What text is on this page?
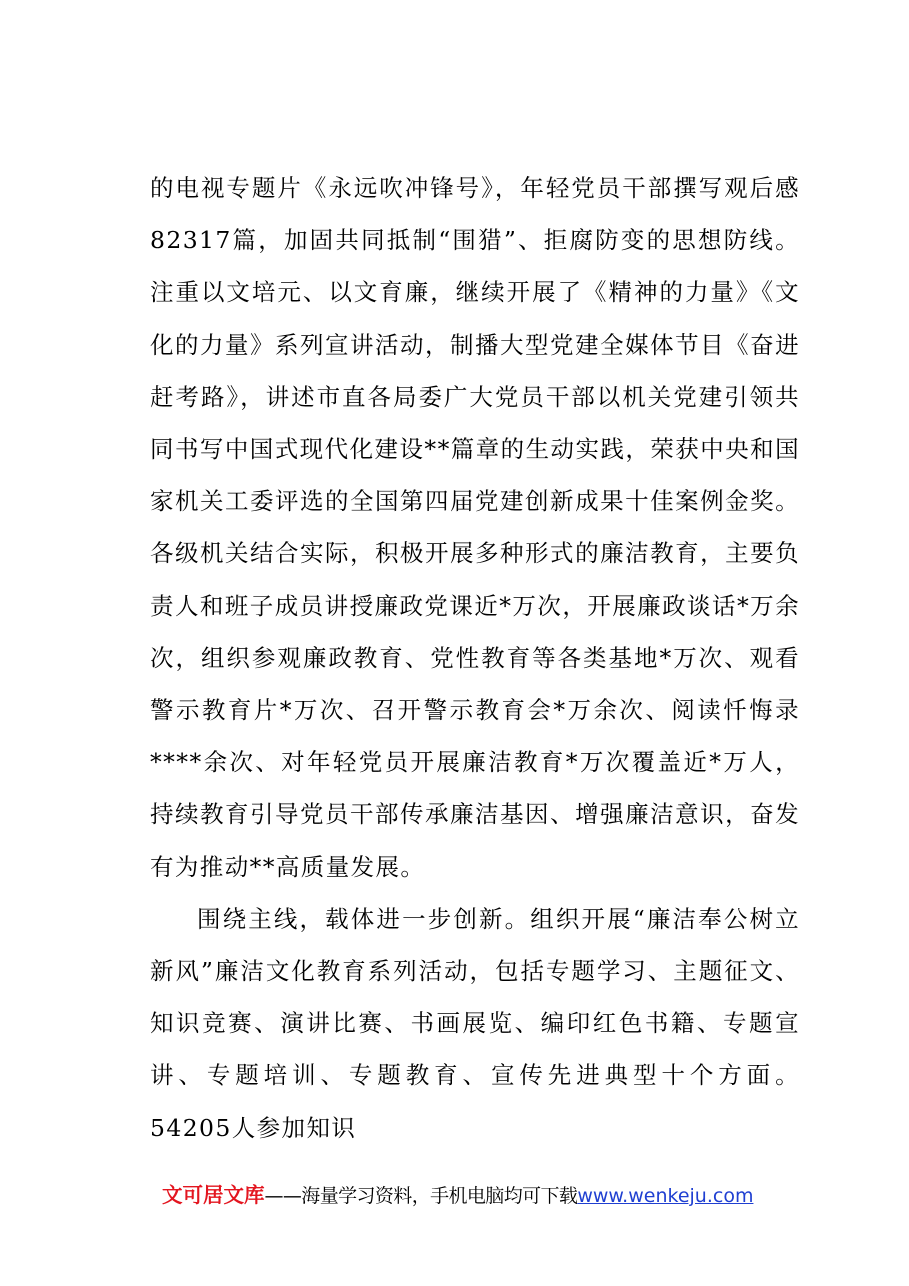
的电视专题片《永远吹冲锋号》，年轻党员干部撰写观后感82317篇，加固共同抵制“围猎”、拒腐防变的思想防线。注重以文培元、以文育廉，继续开展了《精神的力量》《文化的力量》系列宣讲活动，制播大型党建全媒体节目《奋进赶考路》，讲述市直各局委广大党员干部以机关党建引领共同书写中国式现代化建设**篇章的生动实践，荣获中央和国家机关工委评选的全国第四届党建创新成果十佳案例金奖。各级机关结合实际，积极开展多种形式的廉洁教育，主要负责人和班子成员讲授廉政党课近*万次，开展廉政谈话*万余次，组织参观廉政教育、党性教育等各类基地*万次、观看警示教育片*万次、召开警示教育会*万余次、阅读忏悔录****余次、对年轻党员开展廉洁教育*万次覆盖近*万人，持续教育引导党员干部传承廉洁基因、增强廉洁意识，奋发有为推动**高质量发展。

围绕主线，载体进一步创新。组织开展“廉洁奉公树立新风”廉洁文化教育系列活动，包括专题学习、主题征文、知识竞赛、演讲比赛、书画展览、编印红色书籍、专题宣讲、专题培训、专题教育、宣传先进典型十个方面。54205人参加知识

文可居文库——海量学习资料，手机电脑均可下载www.wenkeju.com
